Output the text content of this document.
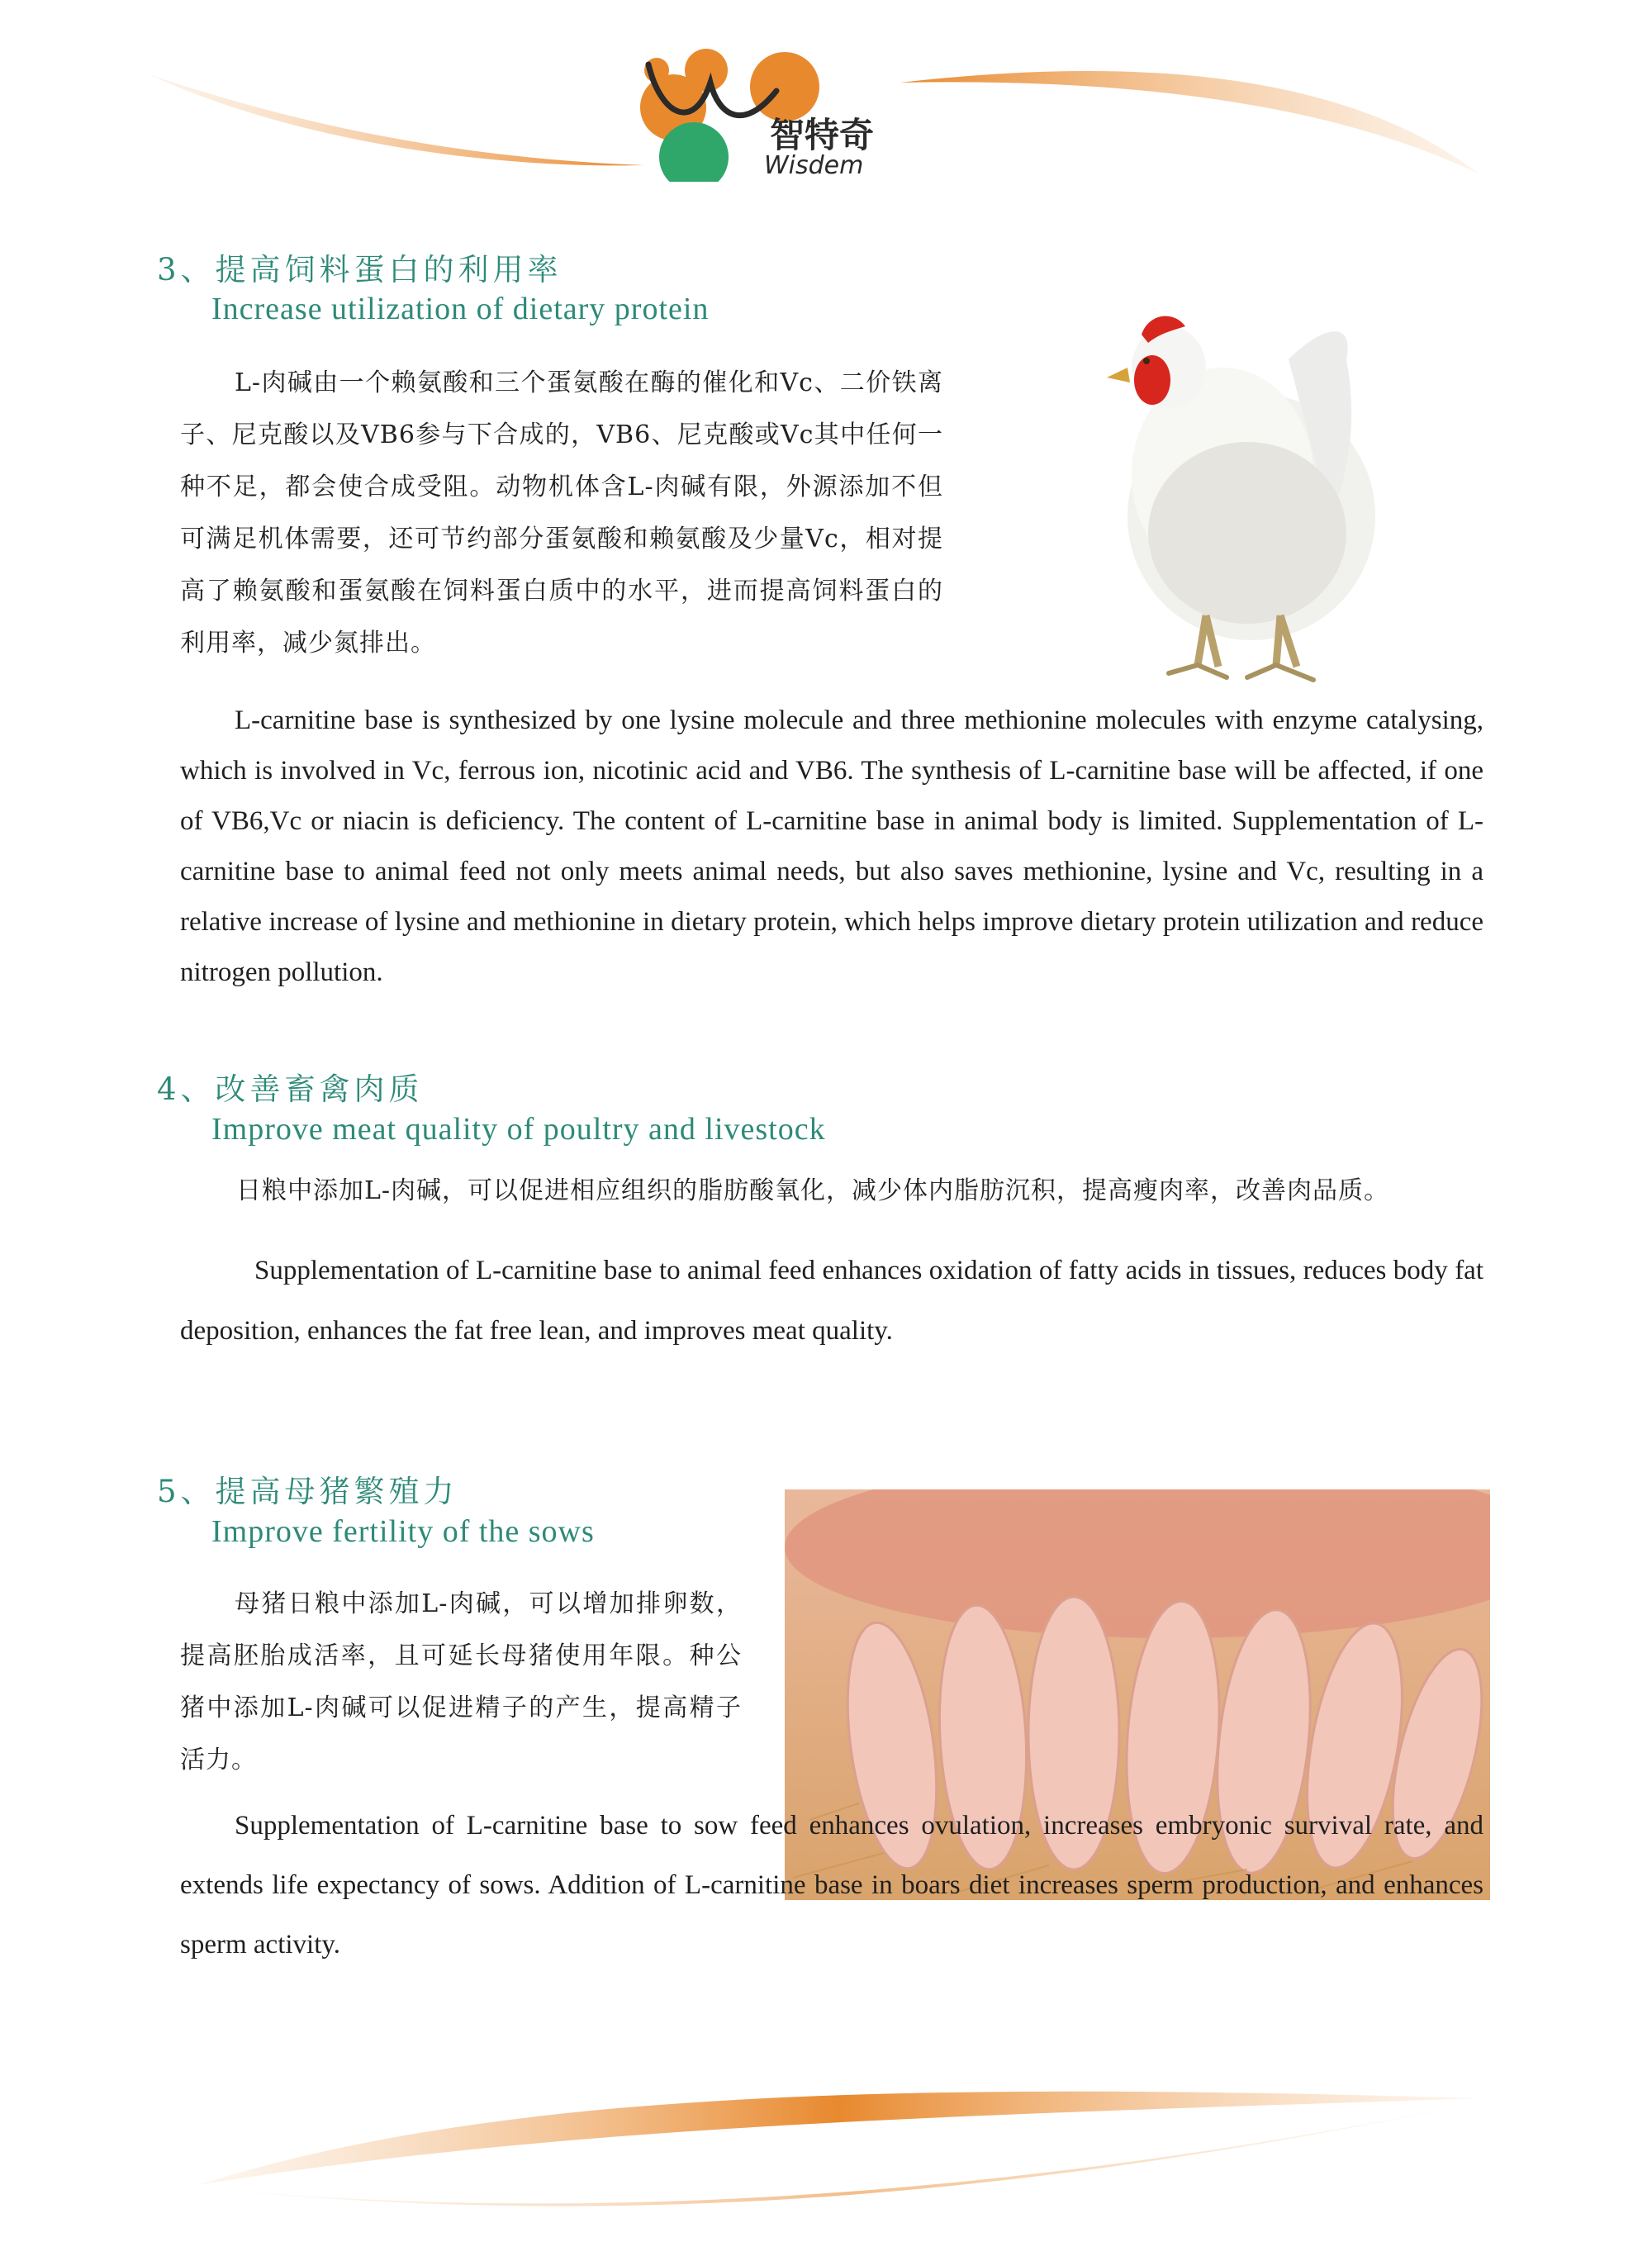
智特奇
Wisdem
3、提高饲料蛋白的利用率
Increase utilization of dietary protein

L-肉碱由一个赖氨酸和三个蛋氨酸在酶的催化和Vc、二价铁离子、尼克酸以及VB6参与下合成的，VB6、尼克酸或Vc其中任何一种不足，都会使合成受阻。动物机体含L-肉碱有限，外源添加不但可满足机体需要，还可节约部分蛋氨酸和赖氨酸及少量Vc，相对提高了赖氨酸和蛋氨酸在饲料蛋白质中的水平，进而提高饲料蛋白的利用率，减少氮排出。

L-carnitine base is synthesized by one lysine molecule and three methionine molecules with enzyme catalysing, which is involved in Vc, ferrous ion, nicotinic acid and VB6. The synthesis of L-carnitine base will be affected, if one of VB6,Vc or niacin is deficiency. The content of L-carnitine base in animal body is limited. Supplementation of L-carnitine base to animal feed not only meets animal needs, but also saves methionine, lysine and Vc, resulting in a relative increase of lysine and methionine in dietary protein, which helps improve dietary protein utilization and reduce nitrogen pollution.

4、改善畜禽肉质
Improve meat quality of poultry and livestock

日粮中添加L-肉碱，可以促进相应组织的脂肪酸氧化，减少体内脂肪沉积，提高瘦肉率，改善肉品质。

Supplementation of L-carnitine base to animal feed enhances oxidation of fatty acids in tissues, reduces body fat deposition, enhances the fat free lean, and improves meat quality.

5、提高母猪繁殖力
Improve fertility of the sows

母猪日粮中添加L-肉碱，可以增加排卵数，提高胚胎成活率，且可延长母猪使用年限。种公猪中添加L-肉碱可以促进精子的产生，提高精子活力。

Supplementation of L-carnitine base to sow feed enhances ovulation, increases embryonic survival rate, and extends life expectancy of sows. Addition of L-carnitine base in boars diet increases sperm production, and enhances sperm activity.
